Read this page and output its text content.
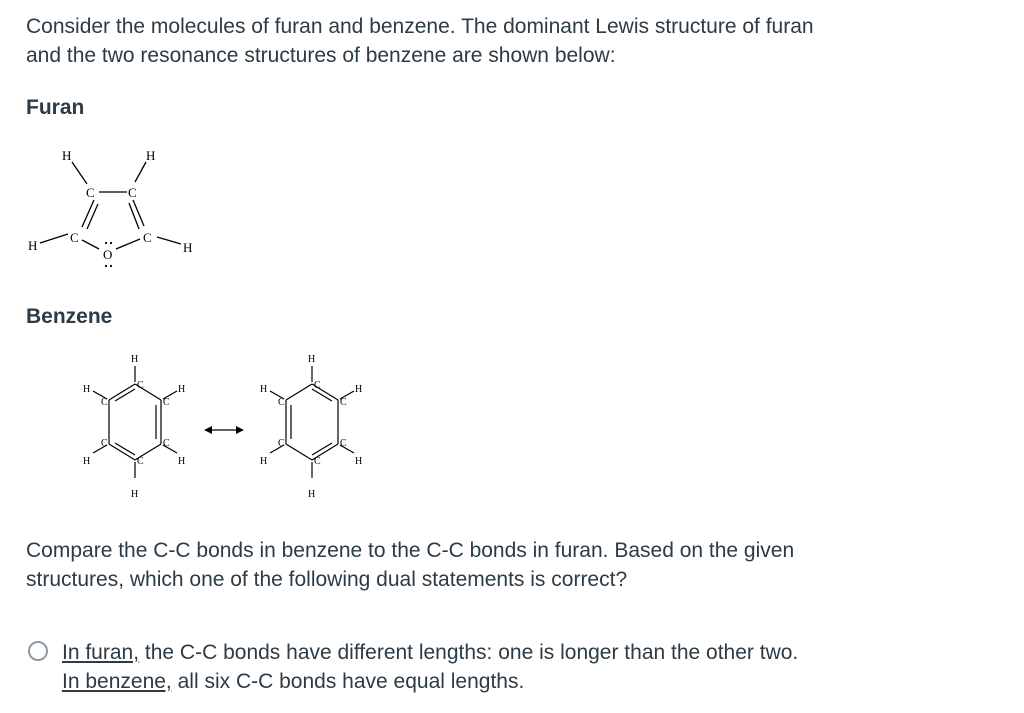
Consider the molecules of furan and benzene. The dominant Lewis structure of furan
and the two resonance structures of benzene are shown below:
Furan
H	H
C	C
H
C	C
H
O
Benzene
H
H
H
H
H
H
C
C
C
C
C
C
H
H
H
H
H
H
C
C
C
C
C
C
Compare the C-C bonds in benzene to the C-C bonds in furan. Based on the given
structures, which one of the following dual statements is correct?
In furan, the C-C bonds have different lengths: one is longer than the other two.
In benzene, all six C-C bonds have equal lengths.
